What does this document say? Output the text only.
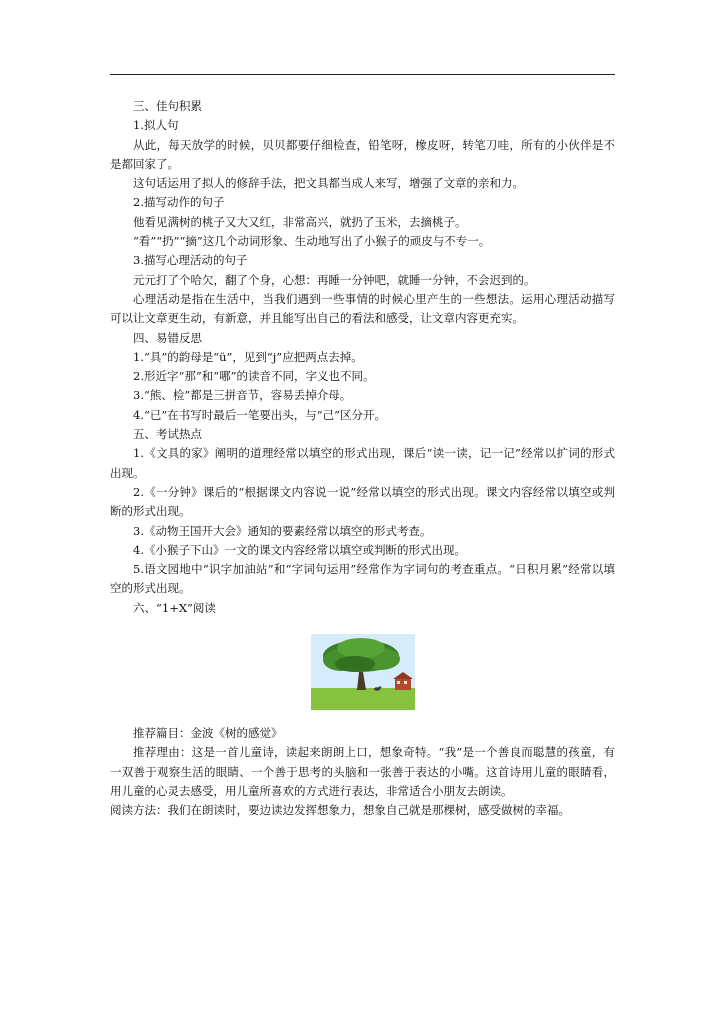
三、佳句积累

1.拟人句

从此，每天放学的时候，贝贝都要仔细检查，铅笔呀，橡皮呀，转笔刀哇，所有的小伙伴是不是都回家了。

这句话运用了拟人的修辞手法，把文具都当成人来写，增强了文章的亲和力。

2.描写动作的句子

他看见满树的桃子又大又红，非常高兴，就扔了玉米，去摘桃子。

“看”“扔”“摘”这几个动词形象、生动地写出了小猴子的顽皮与不专一。

3.描写心理活动的句子

元元打了个哈欠，翻了个身，心想：再睡一分钟吧，就睡一分钟，不会迟到的。

心理活动是指在生活中，当我们遇到一些事情的时候心里产生的一些想法。运用心理活动描写可以让文章更生动，有新意，并且能写出自己的看法和感受，让文章内容更充实。

四、易错反思

1.“具”的韵母是“ü”，见到“j”应把两点去掉。

2.形近字“那”和“哪”的读音不同，字义也不同。

3.“熊、检”都是三拼音节，容易丢掉介母。

4.“已”在书写时最后一笔要出头，与“己”区分开。

五、考试热点

1.《文具的家》阐明的道理经常以填空的形式出现，课后“读一读，记一记”经常以扩词的形式出现。

2.《一分钟》课后的“根据课文内容说一说”经常以填空的形式出现。课文内容经常以填空或判断的形式出现。

3.《动物王国开大会》通知的要素经常以填空的形式考查。

4.《小猴子下山》一文的课文内容经常以填空或判断的形式出现。

5.语文园地中“识字加油站”和“字词句运用”经常作为字词句的考查重点。“日积月累”经常以填空的形式出现。

六、“1+X”阅读

推荐篇目：金波《树的感觉》

推荐理由：这是一首儿童诗，读起来朗朗上口，想象奇特。“我”是一个善良而聪慧的孩童，有一双善于观察生活的眼睛、一个善于思考的头脑和一张善于表达的小嘴。这首诗用儿童的眼睛看，用儿童的心灵去感受，用儿童所喜欢的方式进行表达，非常适合小朋友去朗读。

阅读方法：我们在朗读时，要边读边发挥想象力，想象自己就是那棵树，感受做树的幸福。
